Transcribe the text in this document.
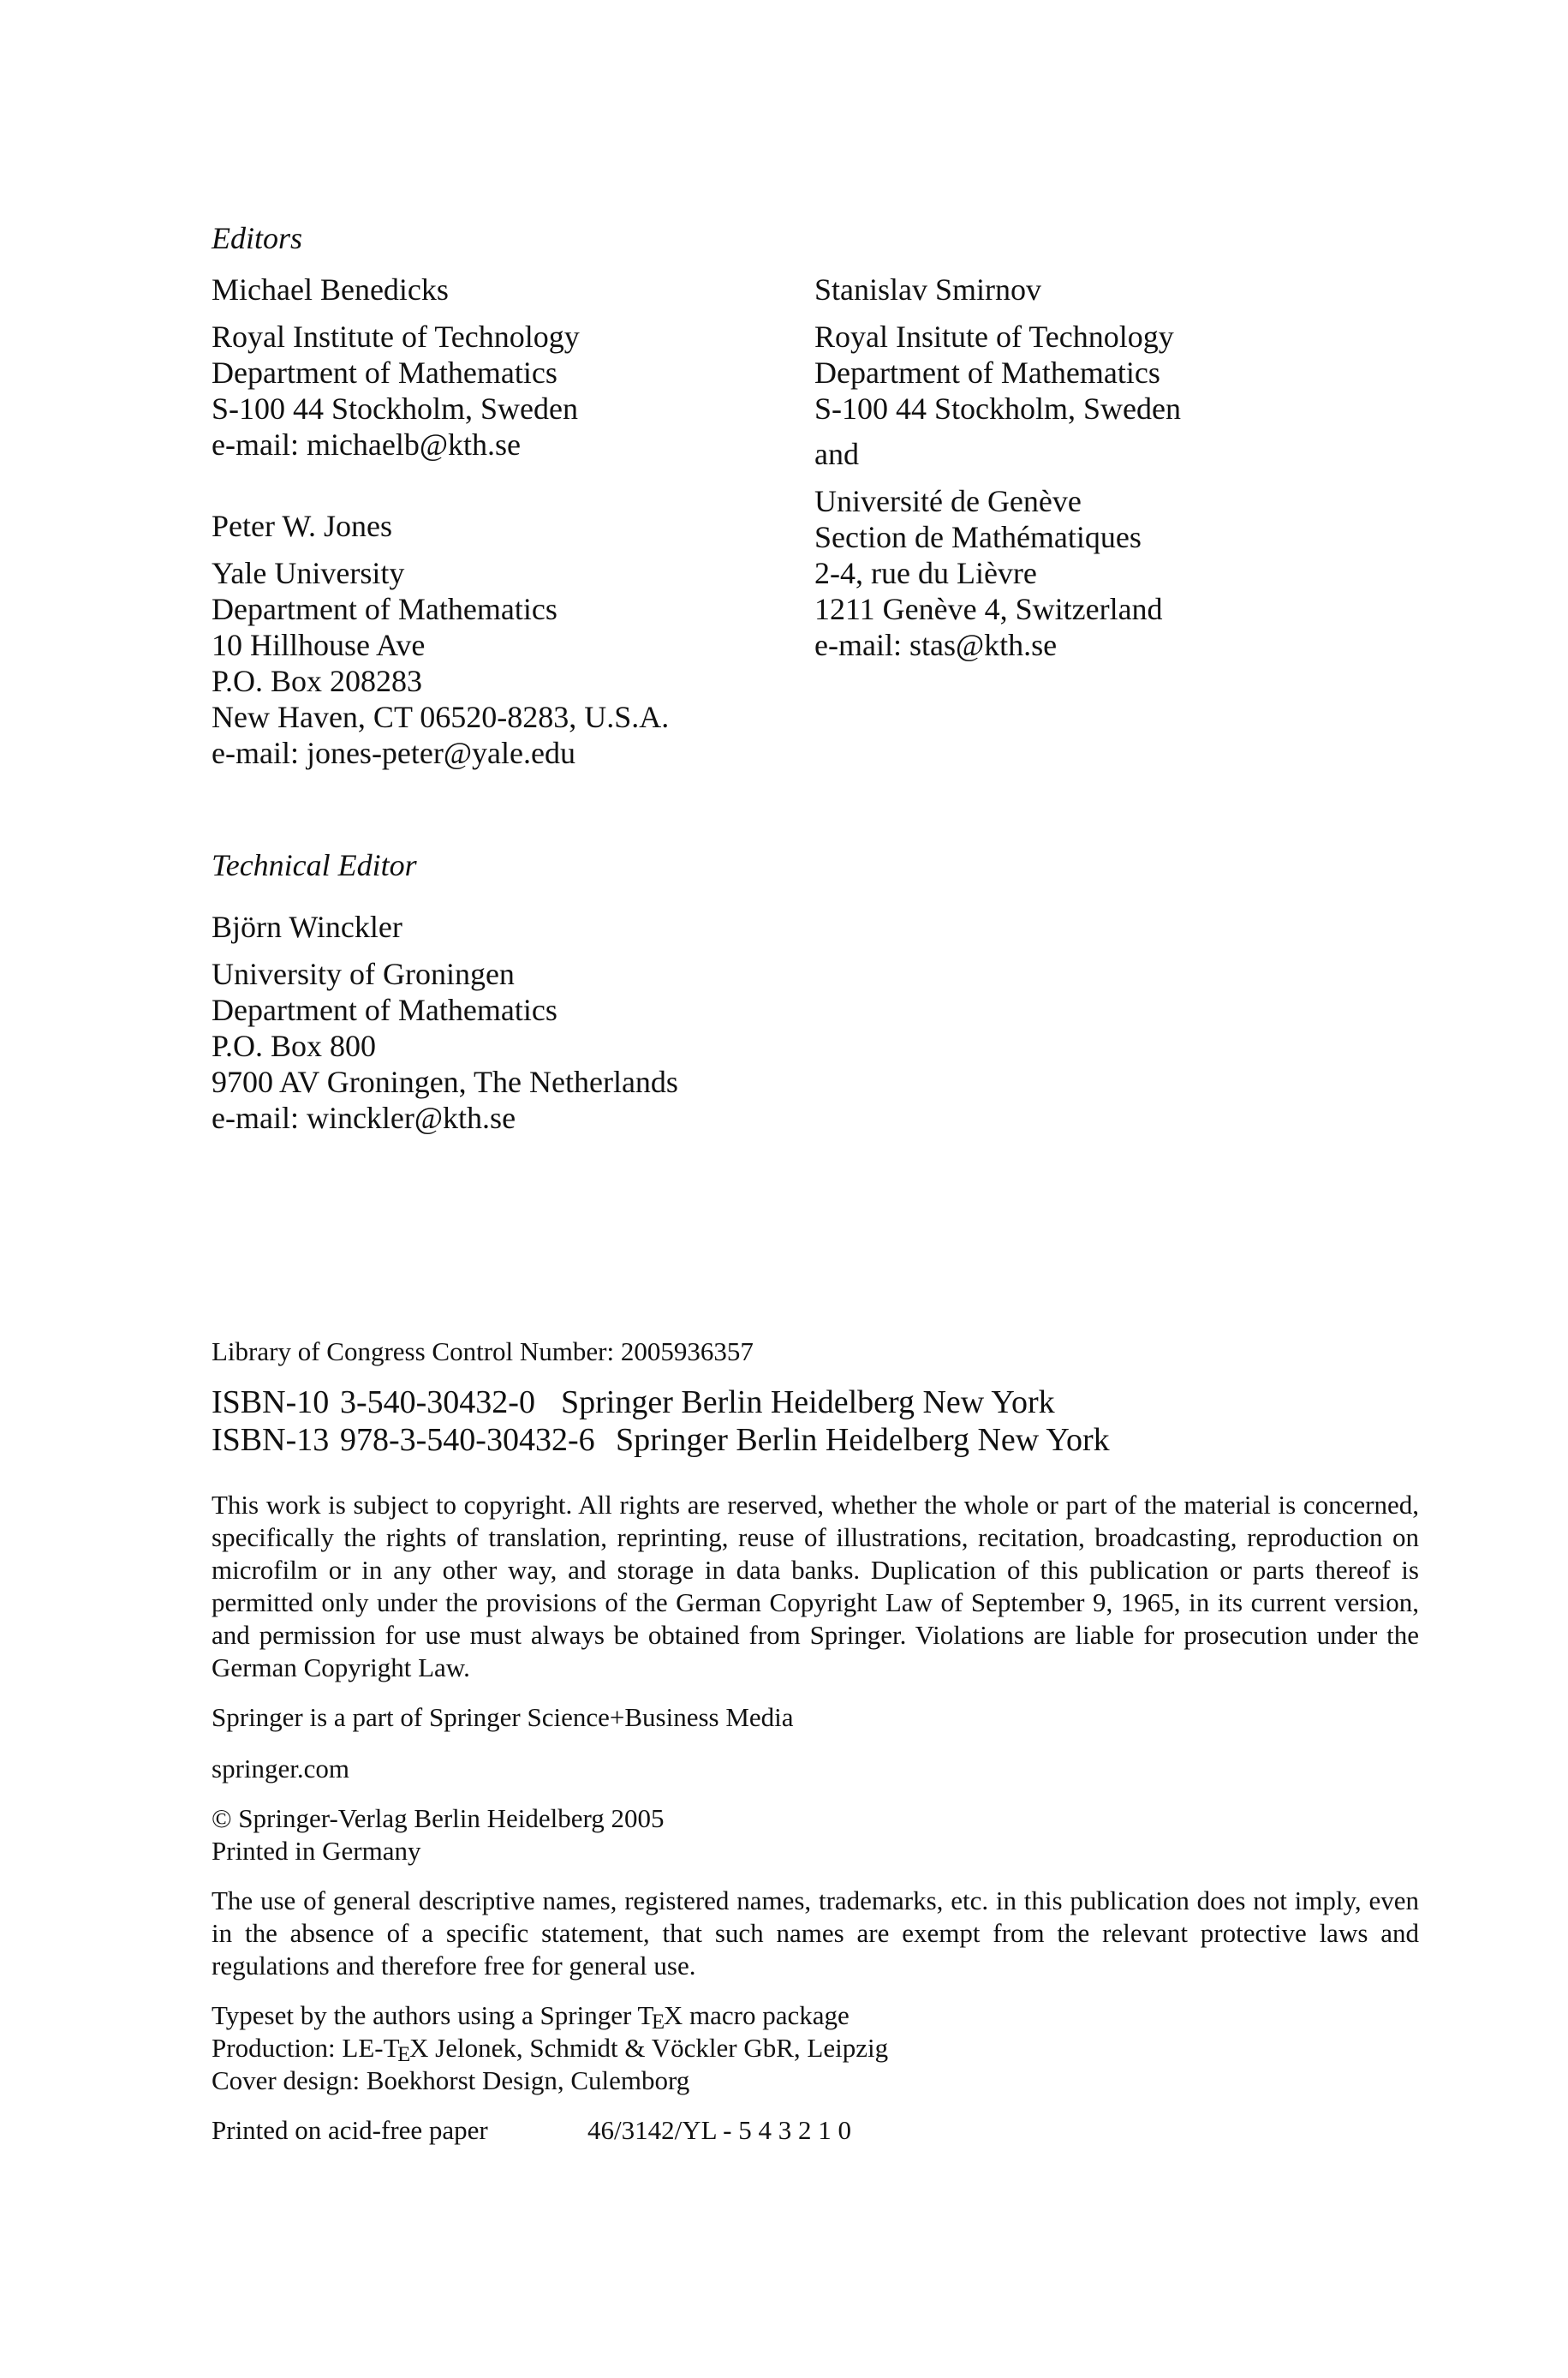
Editors
Michael Benedicks
Royal Institute of Technology
Department of Mathematics
S-100 44 Stockholm, Sweden
e-mail: michaelb@kth.se
Peter W. Jones
Yale University
Department of Mathematics
10 Hillhouse Ave
P.O. Box 208283
New Haven, CT 06520-8283, U.S.A.
e-mail: jones-peter@yale.edu
Stanislav Smirnov
Royal Insitute of Technology
Department of Mathematics
S-100 44 Stockholm, Sweden
and
Université de Genève
Section de Mathématiques
2-4, rue du Lièvre
1211 Genève 4, Switzerland
e-mail: stas@kth.se
Technical Editor
Björn Winckler
University of Groningen
Department of Mathematics
P.O. Box 800
9700 AV Groningen, The Netherlands
e-mail: winckler@kth.se
Library of Congress Control Number: 2005936357
ISBN-10 3-540-30432-0 Springer Berlin Heidelberg New York
ISBN-13 978-3-540-30432-6 Springer Berlin Heidelberg New York
This work is subject to copyright. All rights are reserved, whether the whole or part of the material is concerned, specifically the rights of translation, reprinting, reuse of illustrations, recitation, broadcasting, reproduction on microfilm or in any other way, and storage in data banks. Duplication of this publication or parts thereof is permitted only under the provisions of the German Copyright Law of September 9, 1965, in its current version, and permission for use must always be obtained from Springer. Violations are liable for prosecution under the German Copyright Law.
Springer is a part of Springer Science+Business Media
springer.com
© Springer-Verlag Berlin Heidelberg 2005
Printed in Germany
The use of general descriptive names, registered names, trademarks, etc. in this publication does not imply, even in the absence of a specific statement, that such names are exempt from the relevant protective laws and regulations and therefore free for general use.
Typeset by the authors using a Springer TEX macro package
Production: LE-TEX Jelonek, Schmidt & Vöckler GbR, Leipzig
Cover design: Boekhorst Design, Culemborg
Printed on acid-free paper	46/3142/YL - 5 4 3 2 1 0
